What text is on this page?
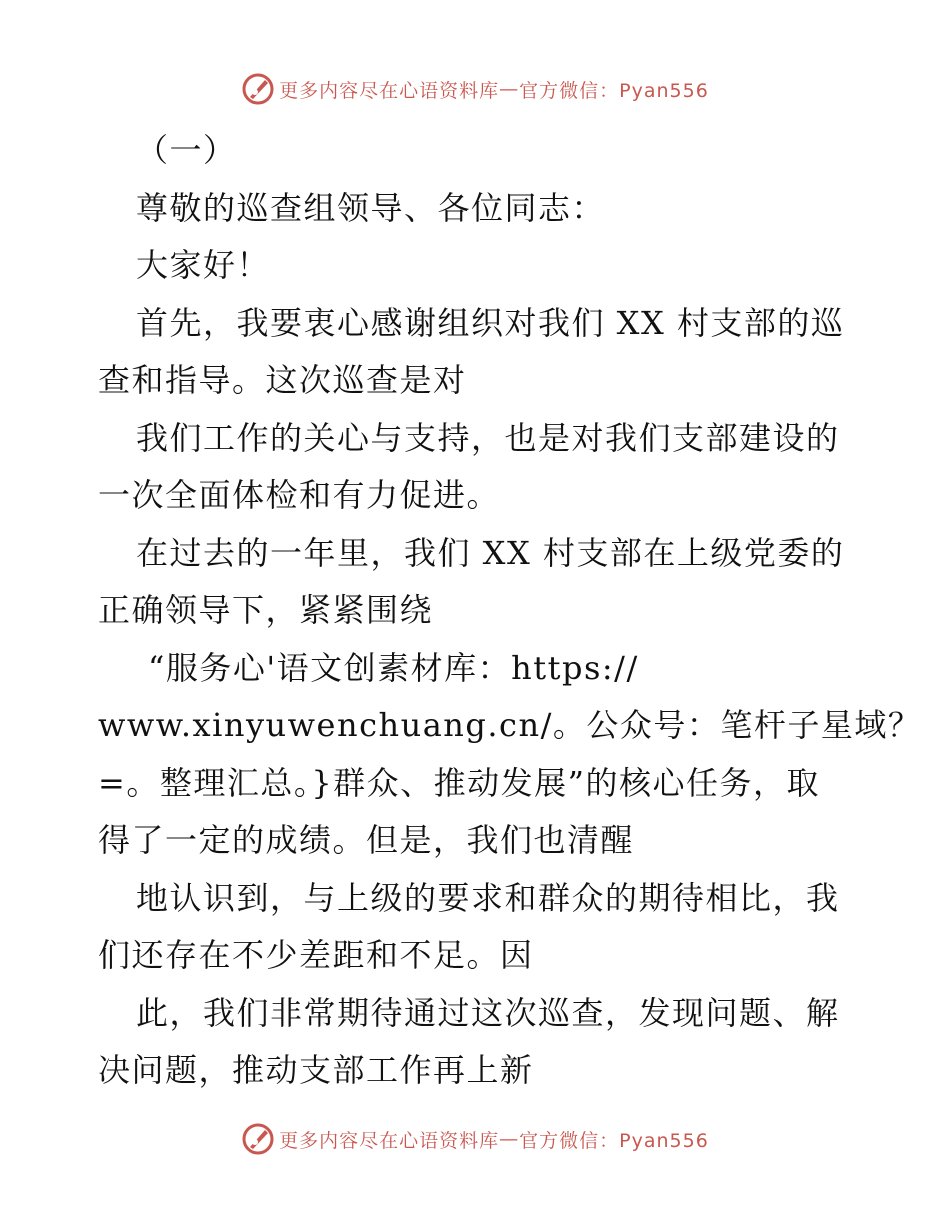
更多内容尽在心语资料库 — 官方微信：Pyan556
（一）
尊敬的巡查组领导、各位同志：
大家好！
首先，我要衷心感谢组织对我们 XX 村支部的巡
查和指导。这次巡查是对
我们工作的关心与支持，也是对我们支部建设的
一次全面体检和有力促进。
在过去的一年里，我们 XX 村支部在上级党委的
正确领导下，紧紧围绕
“服务心'语文创素材库：https://
www.xinyuwenchuang.cn/。公众号：笔杆子星域？
=。整理汇总。}群众、推动发展”的核心任务，取
得了一定的成绩。但是，我们也清醒
地认识到，与上级的要求和群众的期待相比，我
们还存在不少差距和不足。因
此，我们非常期待通过这次巡查，发现问题、解
决问题，推动支部工作再上新
更多内容尽在心语资料库 — 官方微信：Pyan556
